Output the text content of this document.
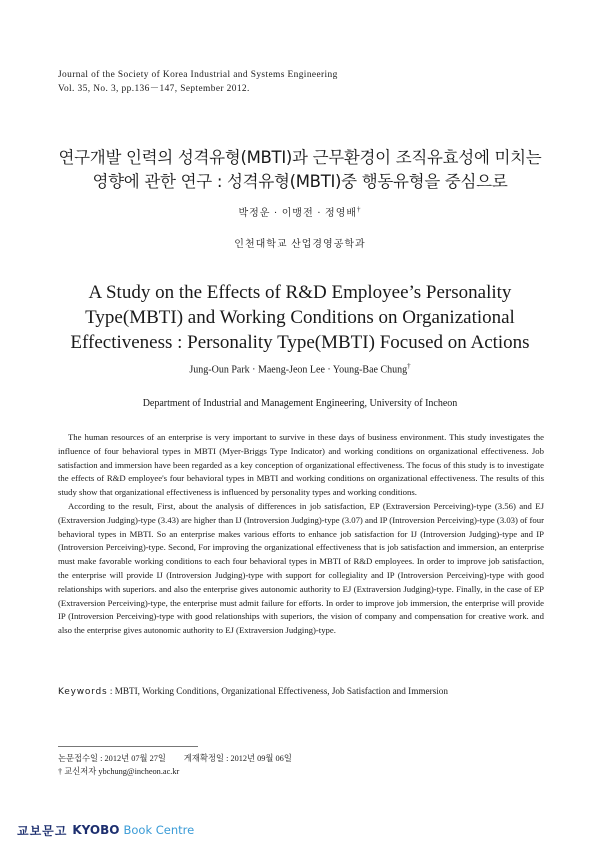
Journal of the Society of Korea Industrial and Systems Engineering
Vol. 35, No. 3, pp.136－147, September 2012.
연구개발 인력의 성격유형(MBTI)과 근무환경이 조직유효성에 미치는
영향에 관한 연구 : 성격유형(MBTI)중 행동유형을 중심으로
박정운 · 이맹전 · 정영배†
인천대학교 산업경영공학과
A Study on the Effects of R&D Employee’s Personality
Type(MBTI) and Working Conditions on Organizational
Effectiveness : Personality Type(MBTI) Focused on Actions
Jung-Oun Park · Maeng-Jeon Lee · Young-Bae Chung†
Department of Industrial and Management Engineering, University of Incheon

The human resources of an enterprise is very important to survive in these days of business environment. This study investigates the influence of four behavioral types in MBTI (Myer-Briggs Type Indicator) and working conditions on organizational effectiveness. Job satisfaction and immersion have been regarded as a key conception of organizational effectiveness. The focus of this study is to investigate the effects of R&D employee's four behavioral types in MBTI and working conditions on organizational effectiveness. The results of this study show that organizational effectiveness is influenced by personality types and working conditions.

According to the result, First, about the analysis of differences in job satisfaction, EP (Extraversion Perceiving)-type (3.56) and EJ (Extraversion Judging)-type (3.43) are higher than IJ (Introversion Judging)-type (3.07) and IP (Introversion Perceiving)-type (3.03) of four behavioral types in MBTI. So an enterprise makes various efforts to enhance job satisfaction for IJ (Introversion Judging)-type and IP (Introversion Perceiving)-type. Second, For improving the organizational effectiveness that is job satisfaction and immersion, an enterprise must make favorable working conditions to each four behavioral types in MBTI of R&D employees. In order to improve job satisfaction, the enterprise will provide IJ (Introversion Judging)-type with support for collegiality and IP (Introversion Perceiving)-type with good relationships with superiors. and also the enterprise gives autonomic authority to EJ (Extraversion Judging)-type. Finally, in the case of EP (Extraversion Perceiving)-type, the enterprise must admit failure for efforts. In order to improve job immersion, the enterprise will provide IP (Introversion Perceiving)-type with good relationships with superiors, the vision of company and compensation for creative work. and also the enterprise gives autonomic authority to EJ (Extraversion Judging)-type.

Keywords : MBTI, Working Conditions, Organizational Effectiveness, Job Satisfaction and Immersion
논문접수일 : 2012년 07월 27일 게재확정일 : 2012년 09월 06일
† 교신저자 ybchung@incheon.ac.kr
교보문고 KYOBO Book Centre
